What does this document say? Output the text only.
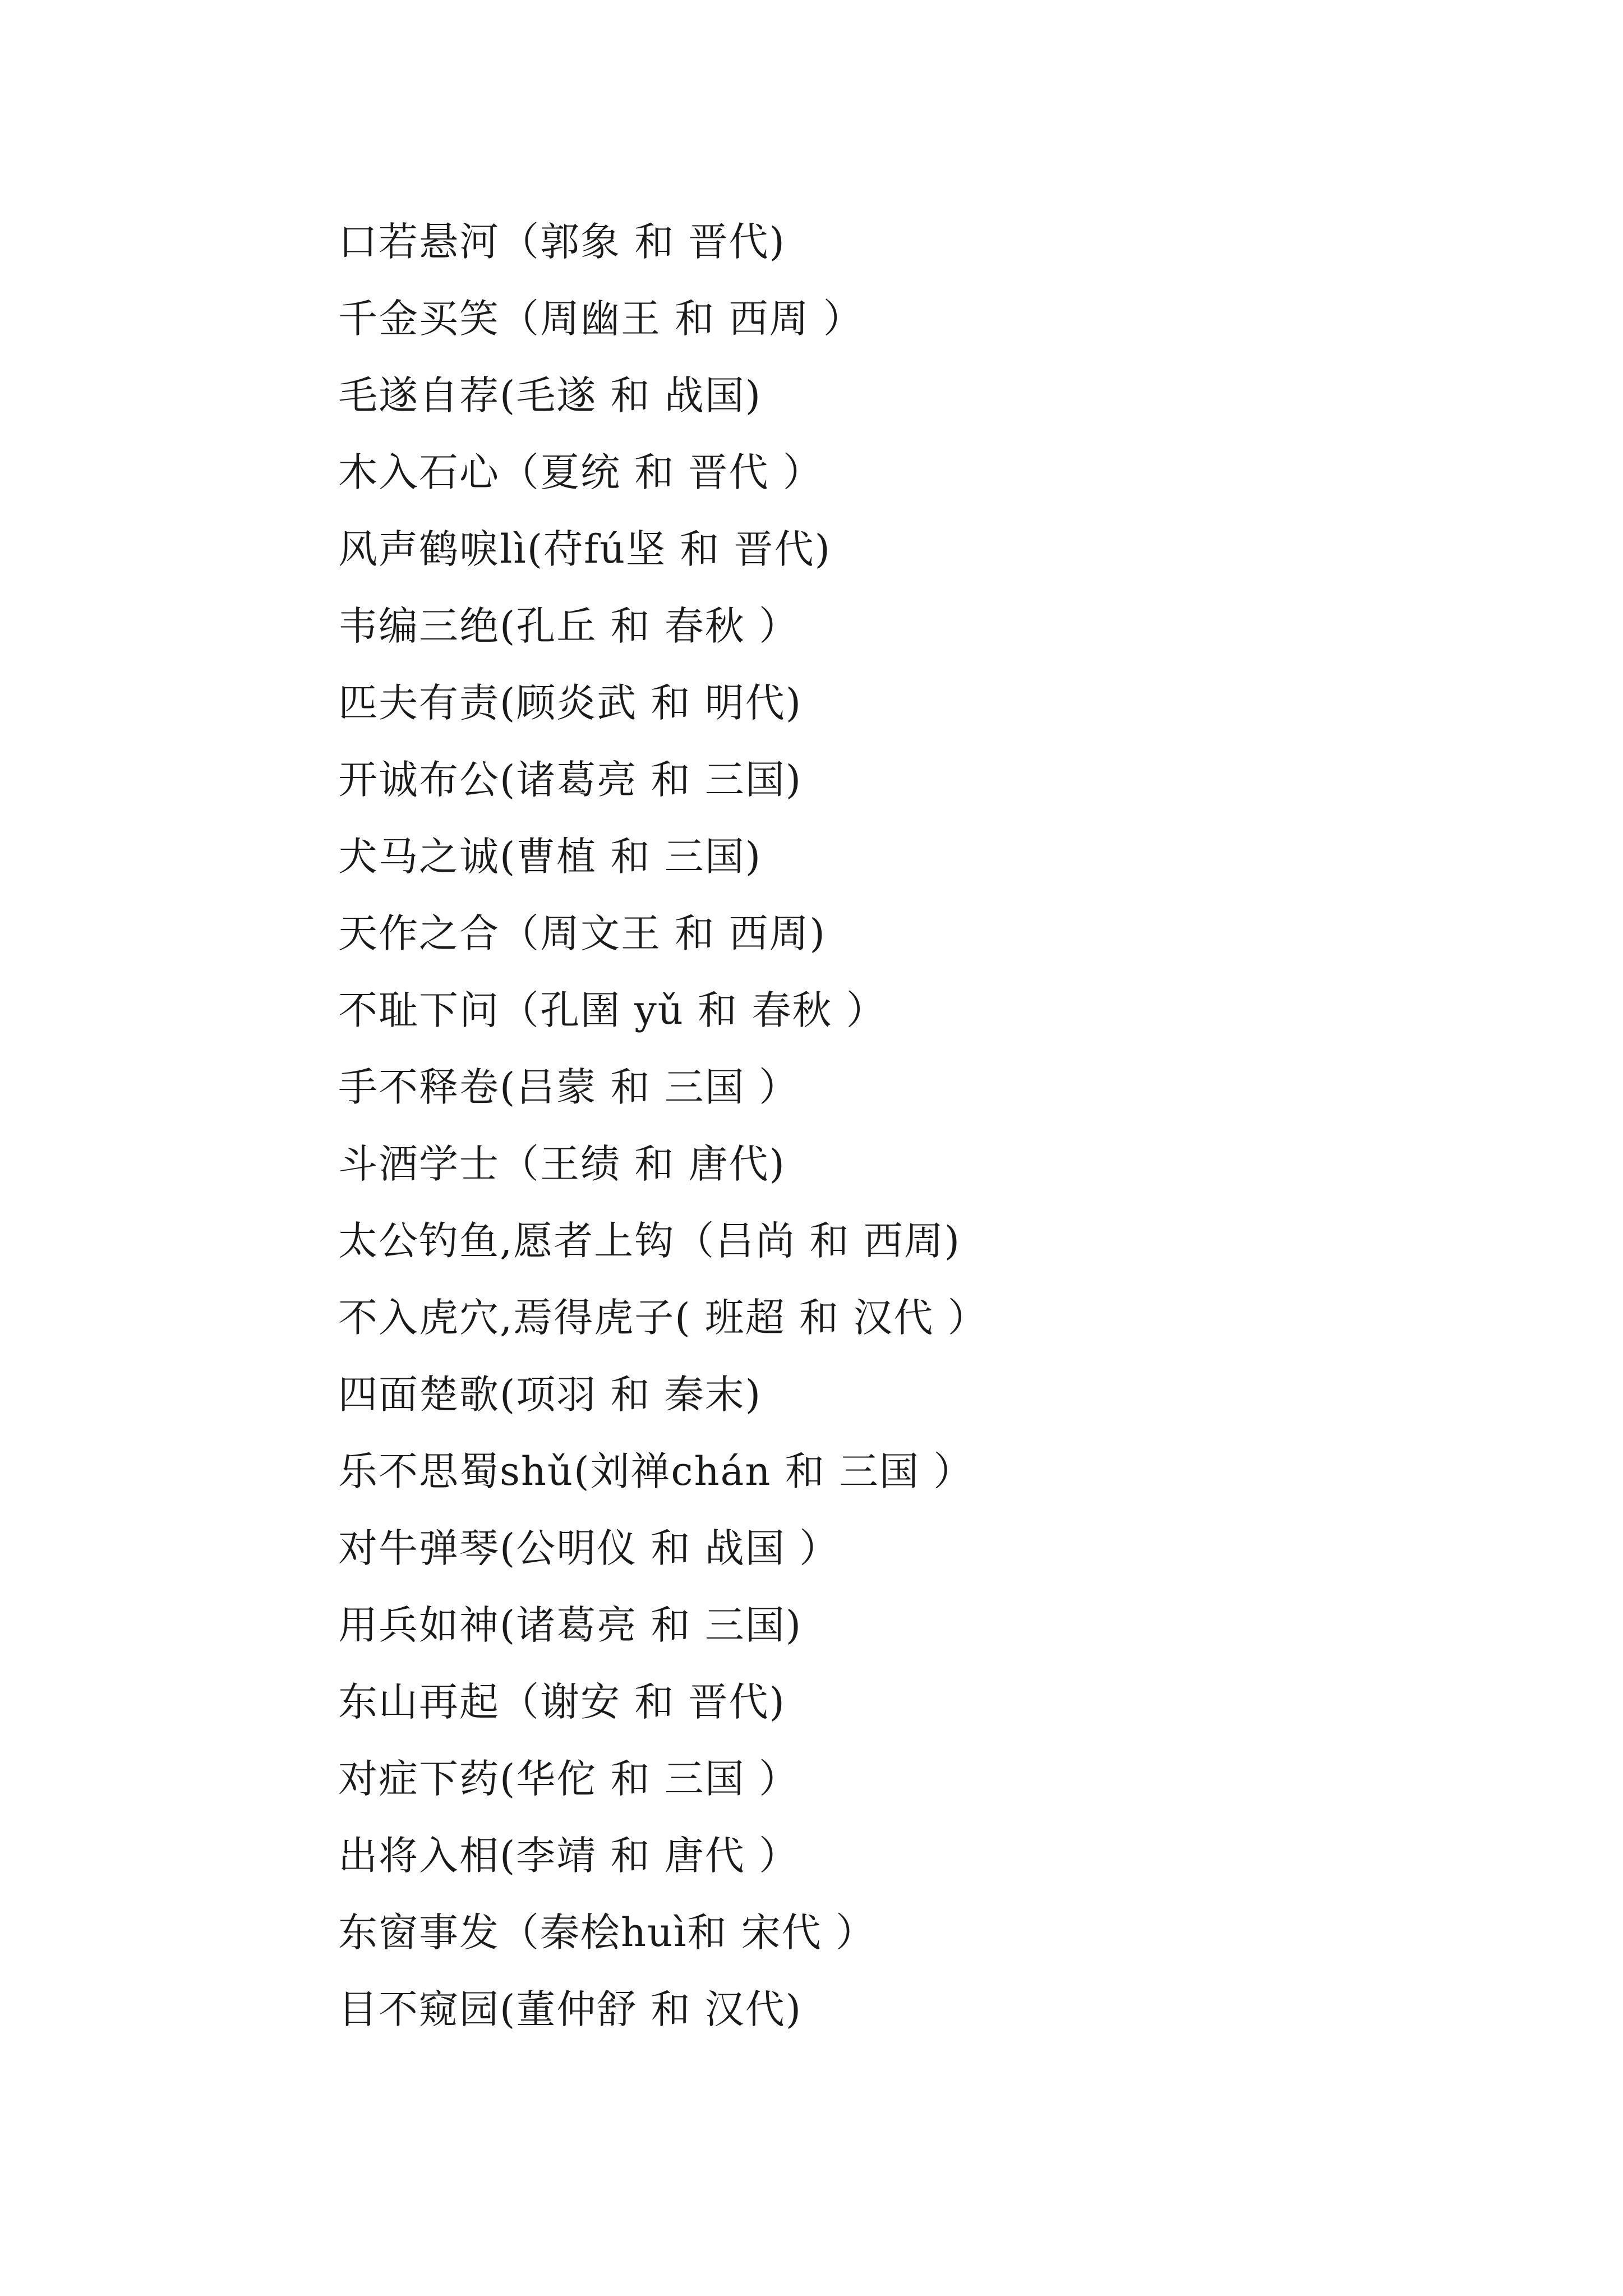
口若悬河（郭象 和 晋代)
千金买笑（周幽王 和 西周 ）
毛遂自荐(毛遂 和 战国)
木入石心（夏统 和 晋代 ）
风声鹤唳lì(苻fú坚 和 晋代)
韦编三绝(孔丘 和 春秋 ）
匹夫有责(顾炎武 和 明代)
开诚布公(诸葛亮 和 三国)
犬马之诚(曹植 和 三国)
天作之合（周文王 和 西周)
不耻下问（孔圉 yǔ 和 春秋 ）
手不释卷(吕蒙 和 三国 ）
斗酒学士（王绩 和 唐代)
太公钓鱼,愿者上钩（吕尚 和 西周)
不入虎穴,焉得虎子( 班超 和 汉代 ）
四面楚歌(项羽 和 秦末)
乐不思蜀shǔ(刘禅chán 和 三国 ）
对牛弹琴(公明仪 和 战国 ）
用兵如神(诸葛亮 和 三国)
东山再起（谢安 和 晋代)
对症下药(华佗 和 三国 ）
出将入相(李靖 和 唐代 ）
东窗事发（秦桧huì和 宋代 ）
目不窥园(董仲舒 和 汉代)
